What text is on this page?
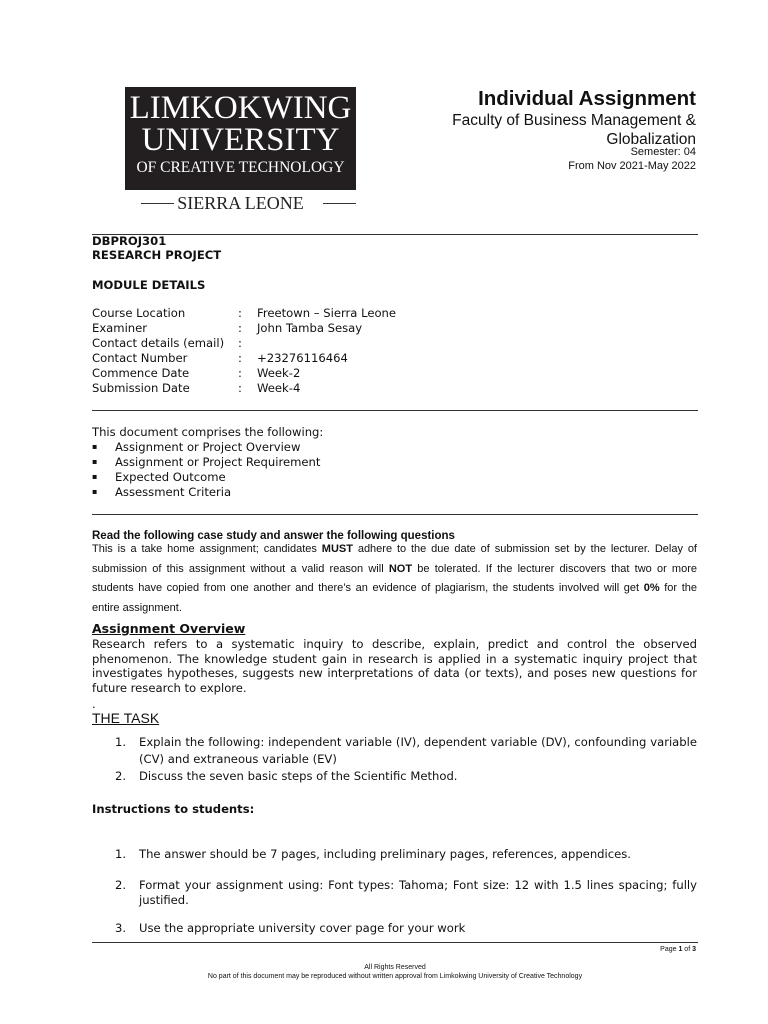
LIMKOKWING
UNIVERSITY
OF CREATIVE TECHNOLOGY
SIERRA LEONE
Individual Assignment
Faculty of Business Management &
Globalization
Semester: 04
From Nov 2021-May 2022
DBPROJ301
RESEARCH PROJECT
MODULE DETAILS
Course Location	: Freetown – Sierra Leone
Examiner	: John Tamba Sesay
Contact details (email) :
Contact Number	: +23276116464
Commence Date	: Week-2
Submission Date	: Week-4
This document comprises the following:
▪ Assignment or Project Overview
▪ Assignment or Project Requirement
▪ Expected Outcome
▪ Assessment Criteria
Read the following case study and answer the following questions
This is a take home assignment; candidates MUST adhere to the due date of submission set by the lecturer. Delay of submission of this assignment without a valid reason will NOT be tolerated. If the lecturer discovers that two or more students have copied from one another and there’s an evidence of plagiarism, the students involved will get 0% for the entire assignment.
Assignment Overview
Research refers to a systematic inquiry to describe, explain, predict and control the observed phenomenon. The knowledge student gain in research is applied in a systematic inquiry project that investigates hypotheses, suggests new interpretations of data (or texts), and poses new questions for future research to explore.
.
THE TASK
1. Explain the following: independent variable (IV), dependent variable (DV), confounding variable (CV) and extraneous variable (EV)
2. Discuss the seven basic steps of the Scientific Method.
Instructions to students:
1. The answer should be 7 pages, including preliminary pages, references, appendices.
2. Format your assignment using: Font types: Tahoma; Font size: 12 with 1.5 lines spacing; fully justified.
3. Use the appropriate university cover page for your work
Page 1 of 3
All Rights Reserved
No part of this document may be reproduced without written approval from Limkokwing University of Creative Technology
